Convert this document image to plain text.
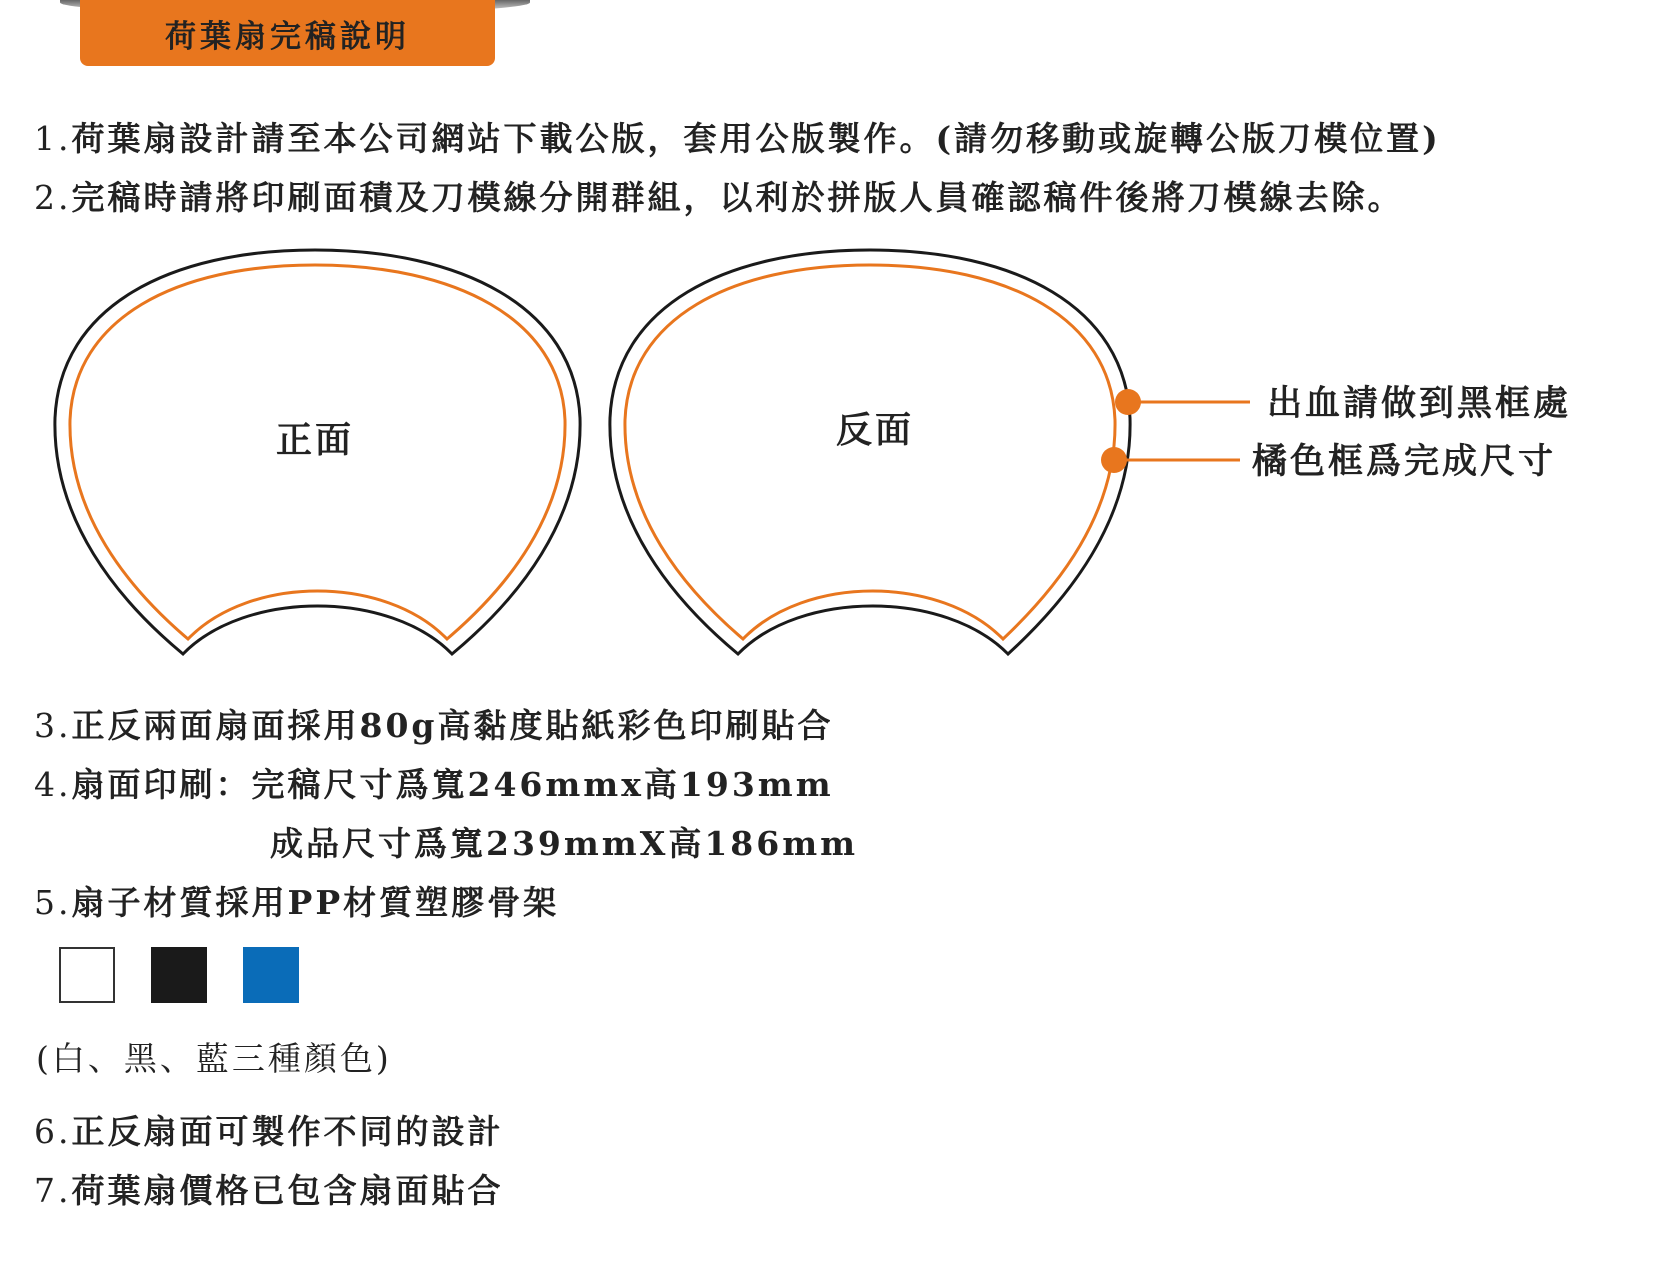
荷葉扇完稿說明
1.荷葉扇設計請至本公司網站下載公版，套用公版製作。(請勿移動或旋轉公版刀模位置)
2.完稿時請將印刷面積及刀模線分開群組，以利於拼版人員確認稿件後將刀模線去除。
正面	反面
出血請做到黑框處
橘色框爲完成尺寸
3.正反兩面扇面採用80g高黏度貼紙彩色印刷貼合
4.扇面印刷：完稿尺寸爲寬246mmx高193mm
成品尺寸爲寬239mmX高186mm
5.扇子材質採用PP材質塑膠骨架
(白、黑、藍三種顏色)
6.正反扇面可製作不同的設計
7.荷葉扇價格已包含扇面貼合
